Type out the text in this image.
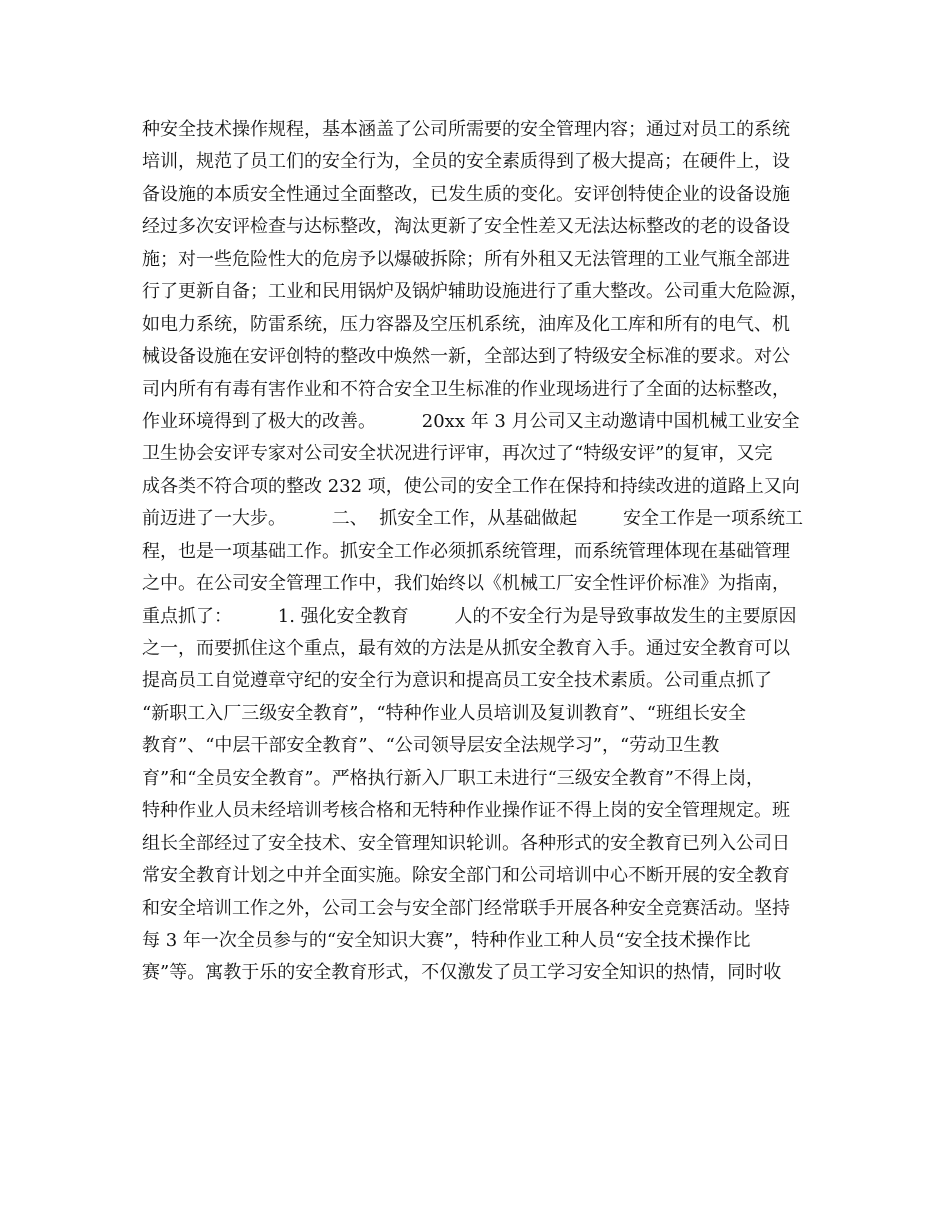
种安全技术操作规程，基本涵盖了公司所需要的安全管理内容；通过对员工的系统
培训，规范了员工们的安全行为，全员的安全素质得到了极大提高；在硬件上，设
备设施的本质安全性通过全面整改，已发生质的变化。安评创特使企业的设备设施
经过多次安评检查与达标整改，淘汰更新了安全性差又无法达标整改的老的设备设
施；对一些危险性大的危房予以爆破拆除；所有外租又无法管理的工业气瓶全部进
行了更新自备；工业和民用锅炉及锅炉辅助设施进行了重大整改。公司重大危险源，
如电力系统，防雷系统，压力容器及空压机系统，油库及化工库和所有的电气、机
械设备设施在安评创特的整改中焕然一新，全部达到了特级安全标准的要求。对公
司内所有有毒有害作业和不符合安全卫生标准的作业现场进行了全面的达标整改，
作业环境得到了极大的改善。        20xx 年 3 月公司又主动邀请中国机械工业安全
卫生协会安评专家对公司安全状况进行评审，再次过了“特级安评”的复审，又完
成各类不符合项的整改 232 项，使公司的安全工作在保持和持续改进的道路上又向
前迈进了一大步。        二、  抓安全工作，从基础做起        安全工作是一项系统工
程，也是一项基础工作。抓安全工作必须抓系统管理，而系统管理体现在基础管理
之中。在公司安全管理工作中，我们始终以《机械工厂安全性评价标准》为指南，
重点抓了：        1. 强化安全教育        人的不安全行为是导致事故发生的主要原因
之一，而要抓住这个重点，最有效的方法是从抓安全教育入手。通过安全教育可以
提高员工自觉遵章守纪的安全行为意识和提高员工安全技术素质。公司重点抓了
“新职工入厂三级安全教育”，“特种作业人员培训及复训教育”、“班组长安全
教育”、“中层干部安全教育”、“公司领导层安全法规学习”，“劳动卫生教
育”和“全员安全教育”。严格执行新入厂职工未进行“三级安全教育”不得上岗，
特种作业人员未经培训考核合格和无特种作业操作证不得上岗的安全管理规定。班
组长全部经过了安全技术、安全管理知识轮训。各种形式的安全教育已列入公司日
常安全教育计划之中并全面实施。除安全部门和公司培训中心不断开展的安全教育
和安全培训工作之外，公司工会与安全部门经常联手开展各种安全竞赛活动。坚持
每 3 年一次全员参与的“安全知识大赛”，特种作业工种人员“安全技术操作比
赛”等。寓教于乐的安全教育形式，不仅激发了员工学习安全知识的热情，同时收
